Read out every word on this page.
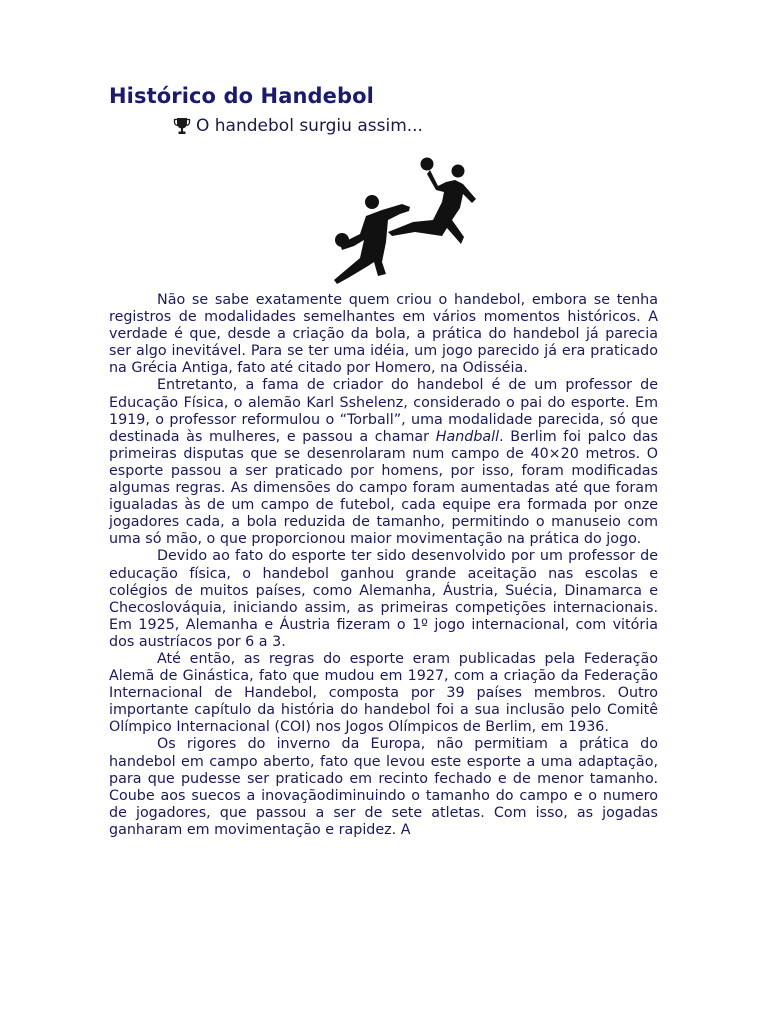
Histórico do Handebol
O handebol surgiu assim...

Não se sabe exatamente quem criou o handebol, embora se tenha registros de modalidades semelhantes em vários momentos históricos. A verdade é que, desde a criação da bola, a prática do handebol já parecia ser algo inevitável. Para se ter uma idéia, um jogo parecido já era praticado na Grécia Antiga, fato até citado por Homero, na Odisséia.

Entretanto, a fama de criador do handebol é de um professor de Educação Física, o alemão Karl Sshelenz, considerado o pai do esporte. Em 1919, o professor reformulou o “Torball”, uma modalidade parecida, só que destinada às mulheres, e passou a chamar Handball. Berlim foi palco das primeiras disputas que se desenrolaram num campo de 40×20 metros. O esporte passou a ser praticado por homens, por isso, foram modificadas algumas regras. As dimensões do campo foram aumentadas até que foram igualadas às de um campo de futebol, cada equipe era formada por onze jogadores cada, a bola reduzida de tamanho, permitindo o manuseio com uma só mão, o que proporcionou maior movimentação na prática do jogo.

Devido ao fato do esporte ter sido desenvolvido por um professor de educação física, o handebol ganhou grande aceitação nas escolas e colégios de muitos países, como Alemanha, Áustria, Suécia, Dinamarca e Checoslováquia, iniciando assim, as primeiras competições internacionais. Em 1925, Alemanha e Áustria fizeram o 1º jogo internacional, com vitória dos austríacos por 6 a 3.

Até então, as regras do esporte eram publicadas pela Federação Alemã de Ginástica, fato que mudou em 1927, com a criação da Federação Internacional de Handebol, composta por 39 países membros. Outro importante capítulo da história do handebol foi a sua inclusão pelo Comitê Olímpico Internacional (COI) nos Jogos Olímpicos de Berlim, em 1936.

Os rigores do inverno da Europa, não permitiam a prática do handebol em campo aberto, fato que levou este esporte a uma adaptação, para que pudesse ser praticado em recinto fechado e de menor tamanho. Coube aos suecos a inovaçãodiminuindo o tamanho do campo e o numero de jogadores, que passou a ser de sete atletas. Com isso, as jogadas ganharam em movimentação e rapidez. A
